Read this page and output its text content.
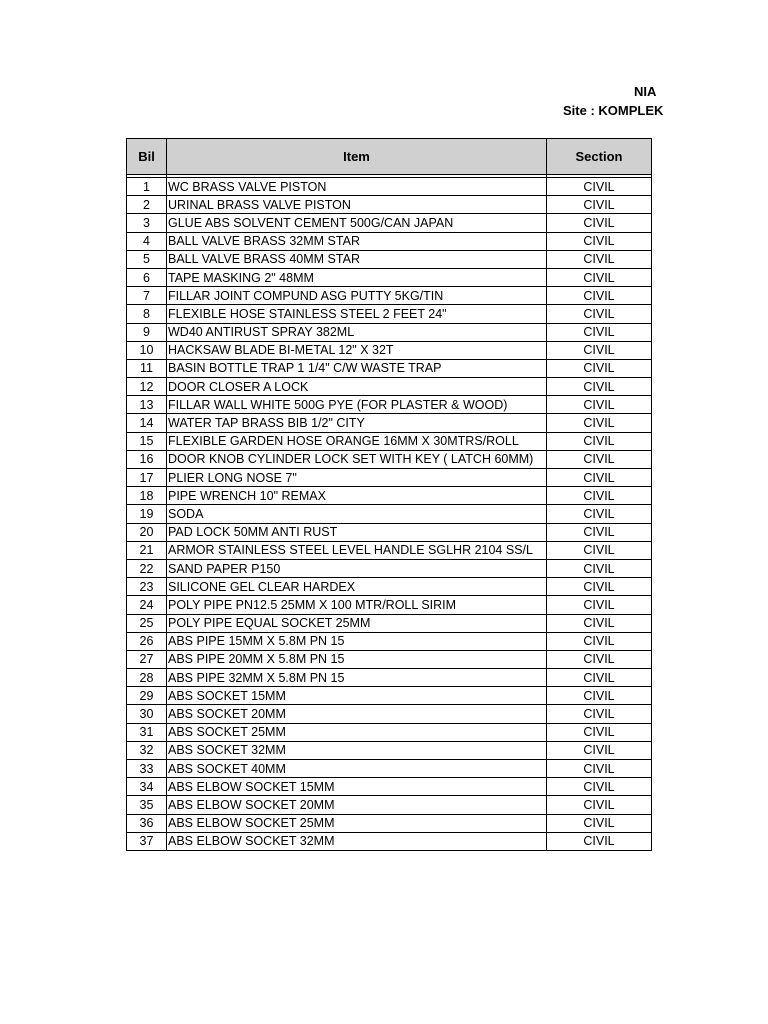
NIA
Site : KOMPLEK
Bil	Item	Section

1	WC BRASS VALVE PISTON	CIVIL
2	URINAL BRASS VALVE PISTON	CIVIL
3	GLUE ABS SOLVENT CEMENT 500G/CAN JAPAN	CIVIL
4	BALL VALVE BRASS 32MM STAR	CIVIL
5	BALL VALVE BRASS 40MM STAR	CIVIL
6	TAPE MASKING 2" 48MM	CIVIL
7	FILLAR JOINT COMPUND ASG PUTTY 5KG/TIN	CIVIL
8	FLEXIBLE HOSE STAINLESS STEEL 2 FEET 24"	CIVIL
9	WD40 ANTIRUST SPRAY 382ML	CIVIL
10	HACKSAW BLADE BI-METAL 12" X 32T	CIVIL
11	BASIN BOTTLE TRAP 1 1/4" C/W WASTE TRAP	CIVIL
12	DOOR CLOSER A LOCK	CIVIL
13	FILLAR WALL WHITE 500G PYE (FOR PLASTER & WOOD)	CIVIL
14	WATER TAP BRASS BIB 1/2" CITY	CIVIL
15	FLEXIBLE GARDEN HOSE ORANGE 16MM X 30MTRS/ROLL	CIVIL
16	DOOR KNOB CYLINDER LOCK SET WITH KEY ( LATCH 60MM)	CIVIL
17	PLIER LONG NOSE 7"	CIVIL
18	PIPE WRENCH 10" REMAX	CIVIL
19	SODA	CIVIL
20	PAD LOCK 50MM ANTI RUST	CIVIL
21	ARMOR STAINLESS STEEL LEVEL HANDLE SGLHR 2104 SS/L	CIVIL
22	SAND PAPER P150	CIVIL
23	SILICONE GEL CLEAR HARDEX	CIVIL
24	POLY PIPE PN12.5 25MM X 100 MTR/ROLL SIRIM	CIVIL
25	POLY PIPE EQUAL SOCKET 25MM	CIVIL
26	ABS PIPE 15MM X 5.8M PN 15	CIVIL
27	ABS PIPE 20MM X 5.8M PN 15	CIVIL
28	ABS PIPE 32MM X 5.8M PN 15	CIVIL
29	ABS SOCKET 15MM	CIVIL
30	ABS SOCKET 20MM	CIVIL
31	ABS SOCKET 25MM	CIVIL
32	ABS SOCKET 32MM	CIVIL
33	ABS SOCKET 40MM	CIVIL
34	ABS ELBOW SOCKET 15MM	CIVIL
35	ABS ELBOW SOCKET 20MM	CIVIL
36	ABS ELBOW SOCKET 25MM	CIVIL
37	ABS ELBOW SOCKET 32MM	CIVIL
